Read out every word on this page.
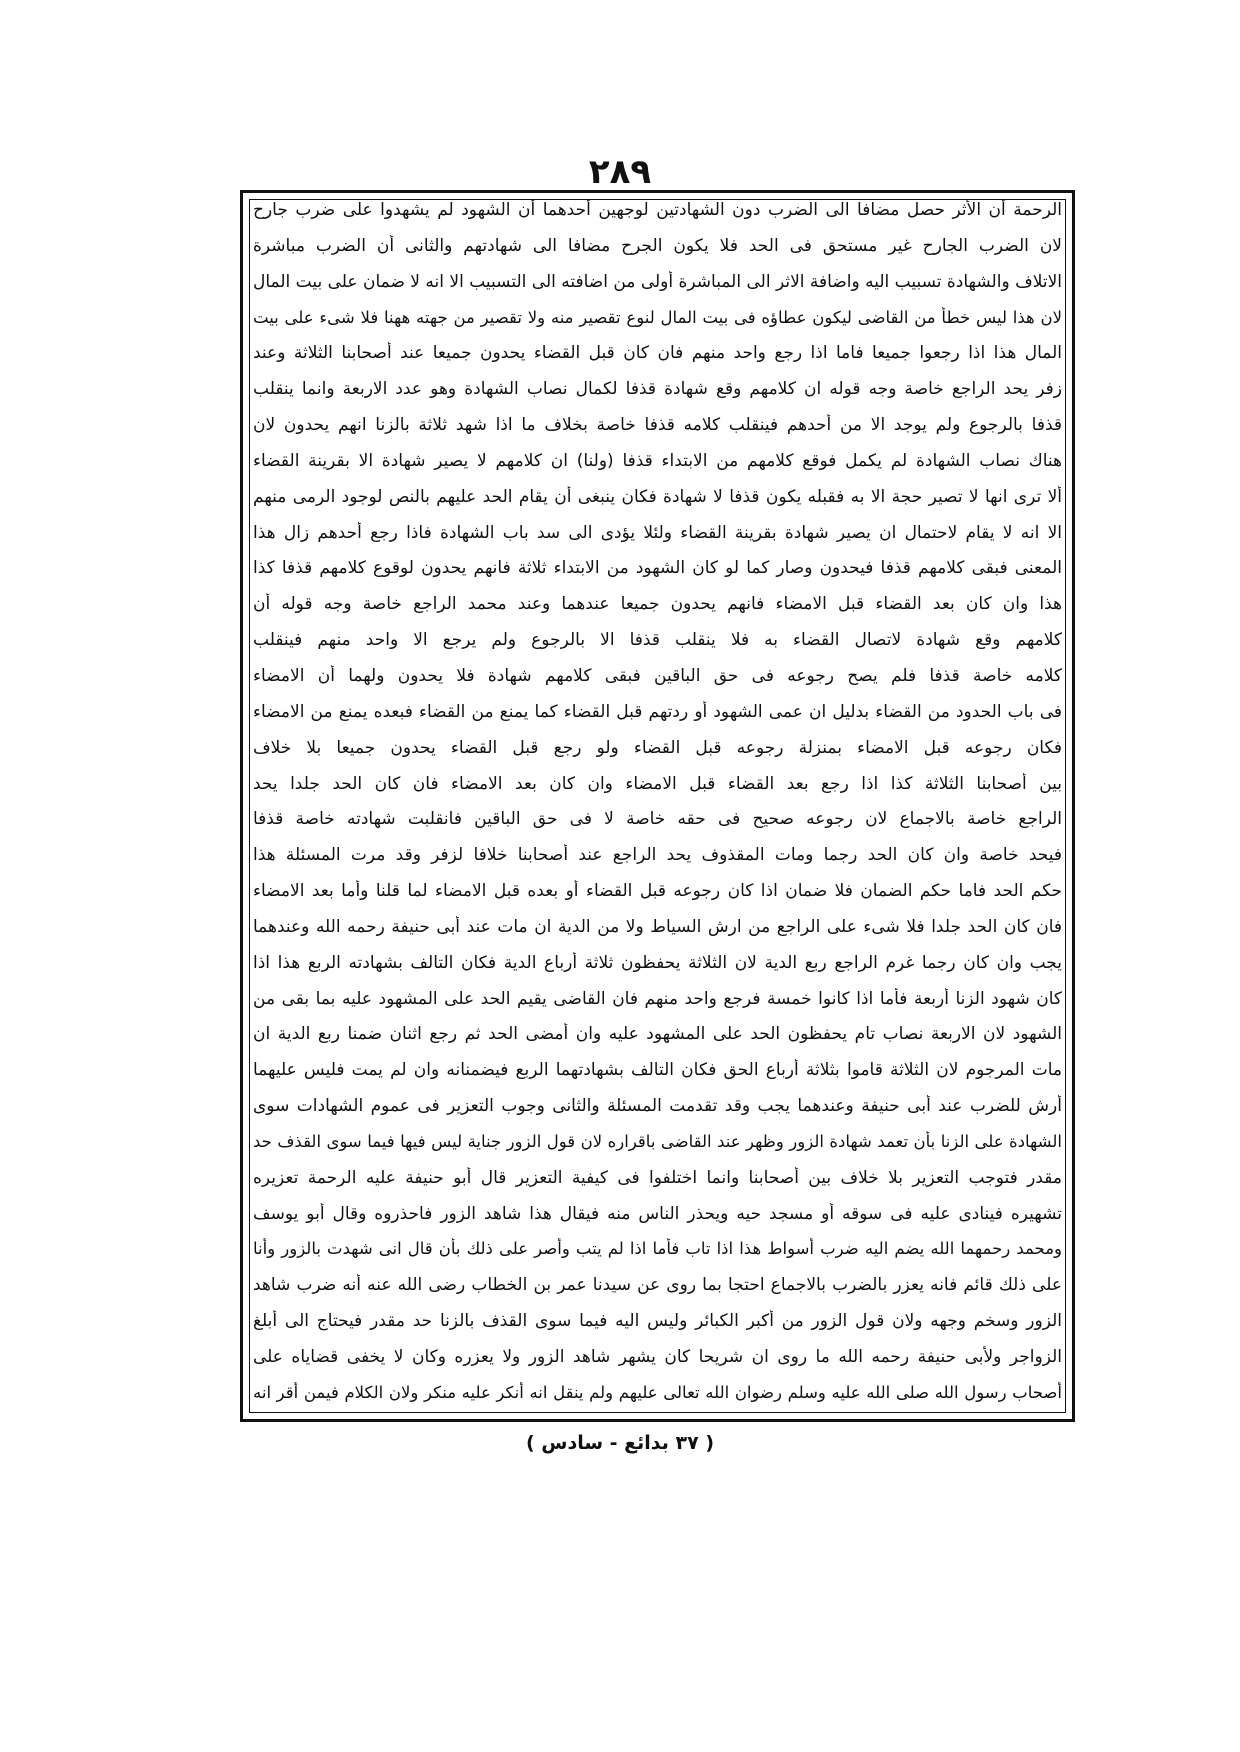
٢٨٩
الرحمة أن الأثر حصل مضافا الى الضرب دون الشهادتين لوجهين أحدهما أن الشهود لم يشهدوا على ضرب جارح
لان الضرب الجارح غير مستحق فى الحد فلا يكون الجرح مضافا الى شهادتهم والثانى أن الضرب مباشرة
الاتلاف والشهادة تسبيب اليه واضافة الاثر الى المباشرة أولى من اضافته الى التسبيب الا انه لا ضمان على بيت المال
لان هذا ليس خطأ من القاضى ليكون عطاؤه فى بيت المال لنوع تقصير منه ولا تقصير من جهته ههنا فلا شىء على بيت
المال هذا اذا رجعوا جميعا فاما اذا رجع واحد منهم فان كان قبل القضاء يحدون جميعا عند أصحابنا الثلاثة وعند
زفر يحد الراجع خاصة وجه قوله ان كلامهم وقع شهادة قذفا لكمال نصاب الشهادة وهو عدد الاربعة وانما ينقلب
قذفا بالرجوع ولم يوجد الا من أحدهم فينقلب كلامه قذفا خاصة بخلاف ما اذا شهد ثلاثة بالزنا انهم يحدون لان
هناك نصاب الشهادة لم يكمل فوقع كلامهم من الابتداء قذفا (ولنا) ان كلامهم لا يصير شهادة الا بقرينة القضاء
ألا ترى انها لا تصير حجة الا به فقبله يكون قذفا لا شهادة فكان ينبغى أن يقام الحد عليهم بالنص لوجود الرمى منهم
الا انه لا يقام لاحتمال ان يصير شهادة بقرينة القضاء ولئلا يؤدى الى سد باب الشهادة فاذا رجع أحدهم زال هذا
المعنى فبقى كلامهم قذفا فيحدون وصار كما لو كان الشهود من الابتداء ثلاثة فانهم يحدون لوقوع كلامهم قذفا كذا
هذا وان كان بعد القضاء قبل الامضاء فانهم يحدون جميعا عندهما وعند محمد الراجع خاصة وجه قوله أن
كلامهم وقع شهادة لاتصال القضاء به فلا ينقلب قذفا الا بالرجوع ولم يرجع الا واحد منهم فينقلب
كلامه خاصة قذفا فلم يصح رجوعه فى حق الباقين فبقى كلامهم شهادة فلا يحدون ولهما أن الامضاء
فى باب الحدود من القضاء بدليل ان عمى الشهود أو ردتهم قبل القضاء كما يمنع من القضاء فبعده يمنع من الامضاء
فكان رجوعه قبل الامضاء بمنزلة رجوعه قبل القضاء ولو رجع قبل القضاء يحدون جميعا بلا خلاف
بين أصحابنا الثلاثة كذا اذا رجع بعد القضاء قبل الامضاء وان كان بعد الامضاء فان كان الحد جلدا يحد
الراجع خاصة بالاجماع لان رجوعه صحيح فى حقه خاصة لا فى حق الباقين فانقلبت شهادته خاصة قذفا
فيحد خاصة وان كان الحد رجما ومات المقذوف يحد الراجع عند أصحابنا خلافا لزفر وقد مرت المسئلة هذا
حكم الحد فاما حكم الضمان فلا ضمان اذا كان رجوعه قبل القضاء أو بعده قبل الامضاء لما قلنا وأما بعد الامضاء
فان كان الحد جلدا فلا شىء على الراجع من ارش السياط ولا من الدية ان مات عند أبى حنيفة رحمه الله وعندهما
يجب وان كان رجما غرم الراجع ربع الدية لان الثلاثة يحفظون ثلاثة أرباع الدية فكان التالف بشهادته الربع هذا اذا
كان شهود الزنا أربعة فأما اذا كانوا خمسة فرجع واحد منهم فان القاضى يقيم الحد على المشهود عليه بما بقى من
الشهود لان الاربعة نصاب تام يحفظون الحد على المشهود عليه وان أمضى الحد ثم رجع اثنان ضمنا ربع الدية ان
مات المرجوم لان الثلاثة قاموا بثلاثة أرباع الحق فكان التالف بشهادتهما الربع فيضمنانه وان لم يمت فليس عليهما
أرش للضرب عند أبى حنيفة وعندهما يجب وقد تقدمت المسئلة والثانى وجوب التعزير فى عموم الشهادات سوى
الشهادة على الزنا بأن تعمد شهادة الزور وظهر عند القاضى باقراره لان قول الزور جناية ليس فيها فيما سوى القذف حد
مقدر فتوجب التعزير بلا خلاف بين أصحابنا وانما اختلفوا فى كيفية التعزير قال أبو حنيفة عليه الرحمة تعزيره
تشهيره فينادى عليه فى سوقه أو مسجد حيه ويحذر الناس منه فيقال هذا شاهد الزور فاحذروه وقال أبو يوسف
ومحمد رحمهما الله يضم اليه ضرب أسواط هذا اذا تاب فأما اذا لم يتب وأصر على ذلك بأن قال انى شهدت بالزور وأنا
على ذلك قائم فانه يعزر بالضرب بالاجماع احتجا بما روى عن سيدنا عمر بن الخطاب رضى الله عنه أنه ضرب شاهد
الزور وسخم وجهه ولان قول الزور من أكبر الكبائر وليس اليه فيما سوى القذف بالزنا حد مقدر فيحتاج الى أبلغ
الزواجر ولأبى حنيفة رحمه الله ما روى ان شريحا كان يشهر شاهد الزور ولا يعزره وكان لا يخفى قضاياه على
أصحاب رسول الله صلى الله عليه وسلم رضوان الله تعالى عليهم ولم ينقل انه أنكر عليه منكر ولان الكلام فيمن أقر انه
( ٣٧ بدائع - سادس )
